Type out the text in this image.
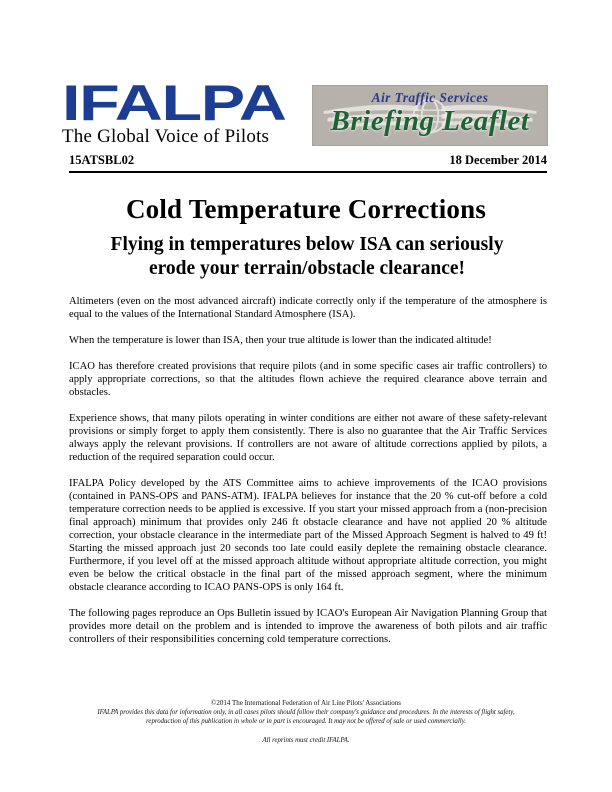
IFALPA
The Global Voice of Pilots
Air Traffic Services
Briefing Leaflet
15ATSBL02	18 December 2014
Cold Temperature Corrections
Flying in temperatures below ISA can seriously
erode your terrain/obstacle clearance!

Altimeters (even on the most advanced aircraft) indicate correctly only if the temperature of the atmosphere is equal to the values of the International Standard Atmosphere (ISA).

When the temperature is lower than ISA, then your true altitude is lower than the indicated altitude!

ICAO has therefore created provisions that require pilots (and in some specific cases air traffic controllers) to apply appropriate corrections, so that the altitudes flown achieve the required clearance above terrain and obstacles.

Experience shows, that many pilots operating in winter conditions are either not aware of these safety-relevant provisions or simply forget to apply them consistently. There is also no guarantee that the Air Traffic Services always apply the relevant provisions. If controllers are not aware of altitude corrections applied by pilots, a reduction of the required separation could occur.

IFALPA Policy developed by the ATS Committee aims to achieve improvements of the ICAO provisions (contained in PANS-OPS and PANS-ATM). IFALPA believes for instance that the 20 % cut-off before a cold temperature correction needs to be applied is excessive. If you start your missed approach from a (non-precision final approach) minimum that provides only 246 ft obstacle clearance and have not applied 20 % altitude correction, your obstacle clearance in the intermediate part of the Missed Approach Segment is halved to 49 ft! Starting the missed approach just 20 seconds too late could easily deplete the remaining obstacle clearance. Furthermore, if you level off at the missed approach altitude without appropriate altitude correction, you might even be below the critical obstacle in the final part of the missed approach segment, where the minimum obstacle clearance according to ICAO PANS-OPS is only 164 ft.

The following pages reproduce an Ops Bulletin issued by ICAO's European Air Navigation Planning Group that provides more detail on the problem and is intended to improve the awareness of both pilots and air traffic controllers of their responsibilities concerning cold temperature corrections.

©2014 The International Federation of Air Line Pilots' Associations
IFALPA provides this data for information only, in all cases pilots should follow their company's guidance and procedures. In the interests of flight safety,
reproduction of this publication in whole or in part is encouraged. It may not be offered of sale or used commercially.
All reprints must credit IFALPA.
